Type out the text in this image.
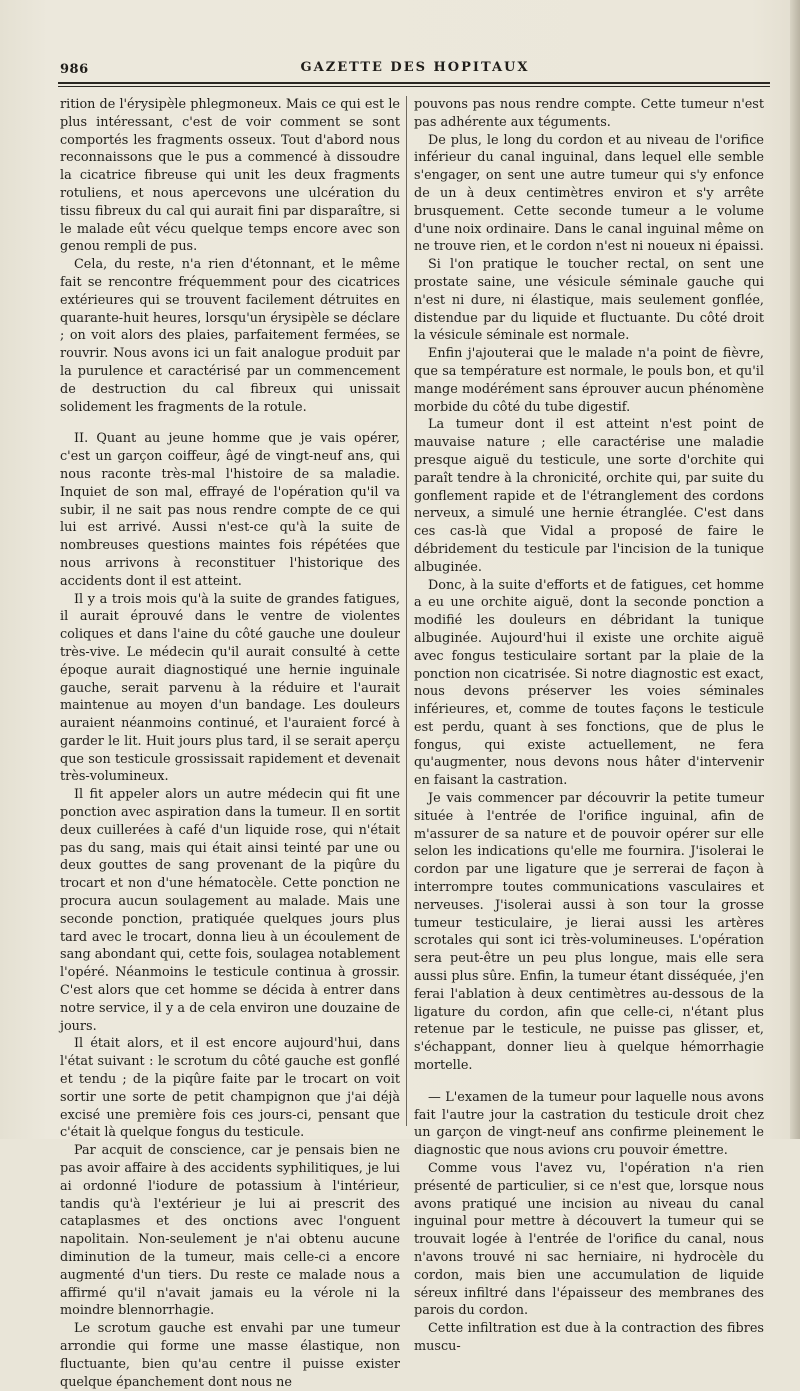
986	GAZETTE DES HOPITAUX

rition de l'érysipèle phlegmoneux. Mais ce qui est le plus intéressant, c'est de voir comment se sont comportés les fragments osseux. Tout d'abord nous reconnaissons que le pus a commencé à dissoudre la cicatrice fibreuse qui unit les deux fragments rotuliens, et nous apercevons une ulcération du tissu fibreux du cal qui aurait fini par disparaître, si le malade eût vécu quelque temps encore avec son genou rempli de pus.

Cela, du reste, n'a rien d'étonnant, et le même fait se rencontre fréquemment pour des cicatrices extérieures qui se trouvent facilement détruites en quarante-huit heures, lorsqu'un érysipèle se déclare ; on voit alors des plaies, parfaitement fermées, se rouvrir. Nous avons ici un fait analogue produit par la purulence et caractérisé par un commencement de destruction du cal fibreux qui unissait solidement les fragments de la rotule.

II. Quant au jeune homme que je vais opérer, c'est un garçon coiffeur, âgé de vingt-neuf ans, qui nous raconte très-mal l'histoire de sa maladie. Inquiet de son mal, effrayé de l'opération qu'il va subir, il ne sait pas nous rendre compte de ce qui lui est arrivé. Aussi n'est-ce qu'à la suite de nombreuses questions maintes fois répétées que nous arrivons à reconstituer l'historique des accidents dont il est atteint.

Il y a trois mois qu'à la suite de grandes fatigues, il aurait éprouvé dans le ventre de violentes coliques et dans l'aine du côté gauche une douleur très-vive. Le médecin qu'il aurait consulté à cette époque aurait diagnostiqué une hernie inguinale gauche, serait parvenu à la réduire et l'aurait maintenue au moyen d'un bandage. Les douleurs auraient néanmoins continué, et l'auraient forcé à garder le lit. Huit jours plus tard, il se serait aperçu que son testicule grossissait rapidement et devenait très-volumineux.

Il fit appeler alors un autre médecin qui fit une ponction avec aspiration dans la tumeur. Il en sortit deux cuillerées à café d'un liquide rose, qui n'était pas du sang, mais qui était ainsi teinté par une ou deux gouttes de sang provenant de la piqûre du trocart et non d'une hématocèle. Cette ponction ne procura aucun soulagement au malade. Mais une seconde ponction, pratiquée quelques jours plus tard avec le trocart, donna lieu à un écoulement de sang abondant qui, cette fois, soulagea notablement l'opéré. Néanmoins le testicule continua à grossir. C'est alors que cet homme se décida à entrer dans notre service, il y a de cela environ une douzaine de jours.

Il était alors, et il est encore aujourd'hui, dans l'état suivant : le scrotum du côté gauche est gonflé et tendu ; de la piqûre faite par le trocart on voit sortir une sorte de petit champignon que j'ai déjà excisé une première fois ces jours-ci, pensant que c'était là quelque fongus du testicule.

Par acquit de conscience, car je pensais bien ne pas avoir affaire à des accidents syphilitiques, je lui ai ordonné l'iodure de potassium à l'intérieur, tandis qu'à l'extérieur je lui ai prescrit des cataplasmes et des onctions avec l'onguent napolitain. Non-seulement je n'ai obtenu aucune diminution de la tumeur, mais celle-ci a encore augmenté d'un tiers. Du reste ce malade nous a affirmé qu'il n'avait jamais eu la vérole ni la moindre blennorrhagie.

Le scrotum gauche est envahi par une tumeur arrondie qui forme une masse élastique, non fluctuante, bien qu'au centre il puisse exister quelque épanchement dont nous ne

pouvons pas nous rendre compte. Cette tumeur n'est pas adhérente aux téguments.

De plus, le long du cordon et au niveau de l'orifice inférieur du canal inguinal, dans lequel elle semble s'engager, on sent une autre tumeur qui s'y enfonce de un à deux centimètres environ et s'y arrête brusquement. Cette seconde tumeur a le volume d'une noix ordinaire. Dans le canal inguinal même on ne trouve rien, et le cordon n'est ni noueux ni épaissi.

Si l'on pratique le toucher rectal, on sent une prostate saine, une vésicule séminale gauche qui n'est ni dure, ni élastique, mais seulement gonflée, distendue par du liquide et fluctuante. Du côté droit la vésicule séminale est normale.

Enfin j'ajouterai que le malade n'a point de fièvre, que sa température est normale, le pouls bon, et qu'il mange modérément sans éprouver aucun phénomène morbide du côté du tube digestif.

La tumeur dont il est atteint n'est point de mauvaise nature ; elle caractérise une maladie presque aiguë du testicule, une sorte d'orchite qui paraît tendre à la chronicité, orchite qui, par suite du gonflement rapide et de l'étranglement des cordons nerveux, a simulé une hernie étranglée. C'est dans ces cas-là que Vidal a proposé de faire le débridement du testicule par l'incision de la tunique albuginée.

Donc, à la suite d'efforts et de fatigues, cet homme a eu une orchite aiguë, dont la seconde ponction a modifié les douleurs en débridant la tunique albuginée. Aujourd'hui il existe une orchite aiguë avec fongus testiculaire sortant par la plaie de la ponction non cicatrisée. Si notre diagnostic est exact, nous devons préserver les voies séminales inférieures, et, comme de toutes façons le testicule est perdu, quant à ses fonctions, que de plus le fongus, qui existe actuellement, ne fera qu'augmenter, nous devons nous hâter d'intervenir en faisant la castration.

Je vais commencer par découvrir la petite tumeur située à l'entrée de l'orifice inguinal, afin de m'assurer de sa nature et de pouvoir opérer sur elle selon les indications qu'elle me fournira. J'isolerai le cordon par une ligature que je serrerai de façon à interrompre toutes communications vasculaires et nerveuses. J'isolerai aussi à son tour la grosse tumeur testiculaire, je lierai aussi les artères scrotales qui sont ici très-volumineuses. L'opération sera peut-être un peu plus longue, mais elle sera aussi plus sûre. Enfin, la tumeur étant disséquée, j'en ferai l'ablation à deux centimètres au-dessous de la ligature du cordon, afin que celle-ci, n'étant plus retenue par le testicule, ne puisse pas glisser, et, s'échappant, donner lieu à quelque hémorrhagie mortelle.

— L'examen de la tumeur pour laquelle nous avons fait l'autre jour la castration du testicule droit chez un garçon de vingt-neuf ans confirme pleinement le diagnostic que nous avions cru pouvoir émettre.

Comme vous l'avez vu, l'opération n'a rien présenté de particulier, si ce n'est que, lorsque nous avons pratiqué une incision au niveau du canal inguinal pour mettre à découvert la tumeur qui se trouvait logée à l'entrée de l'orifice du canal, nous n'avons trouvé ni sac herniaire, ni hydrocèle du cordon, mais bien une accumulation de liquide séreux infiltré dans l'épaisseur des membranes des parois du cordon.

Cette infiltration est due à la contraction des fibres muscu-
